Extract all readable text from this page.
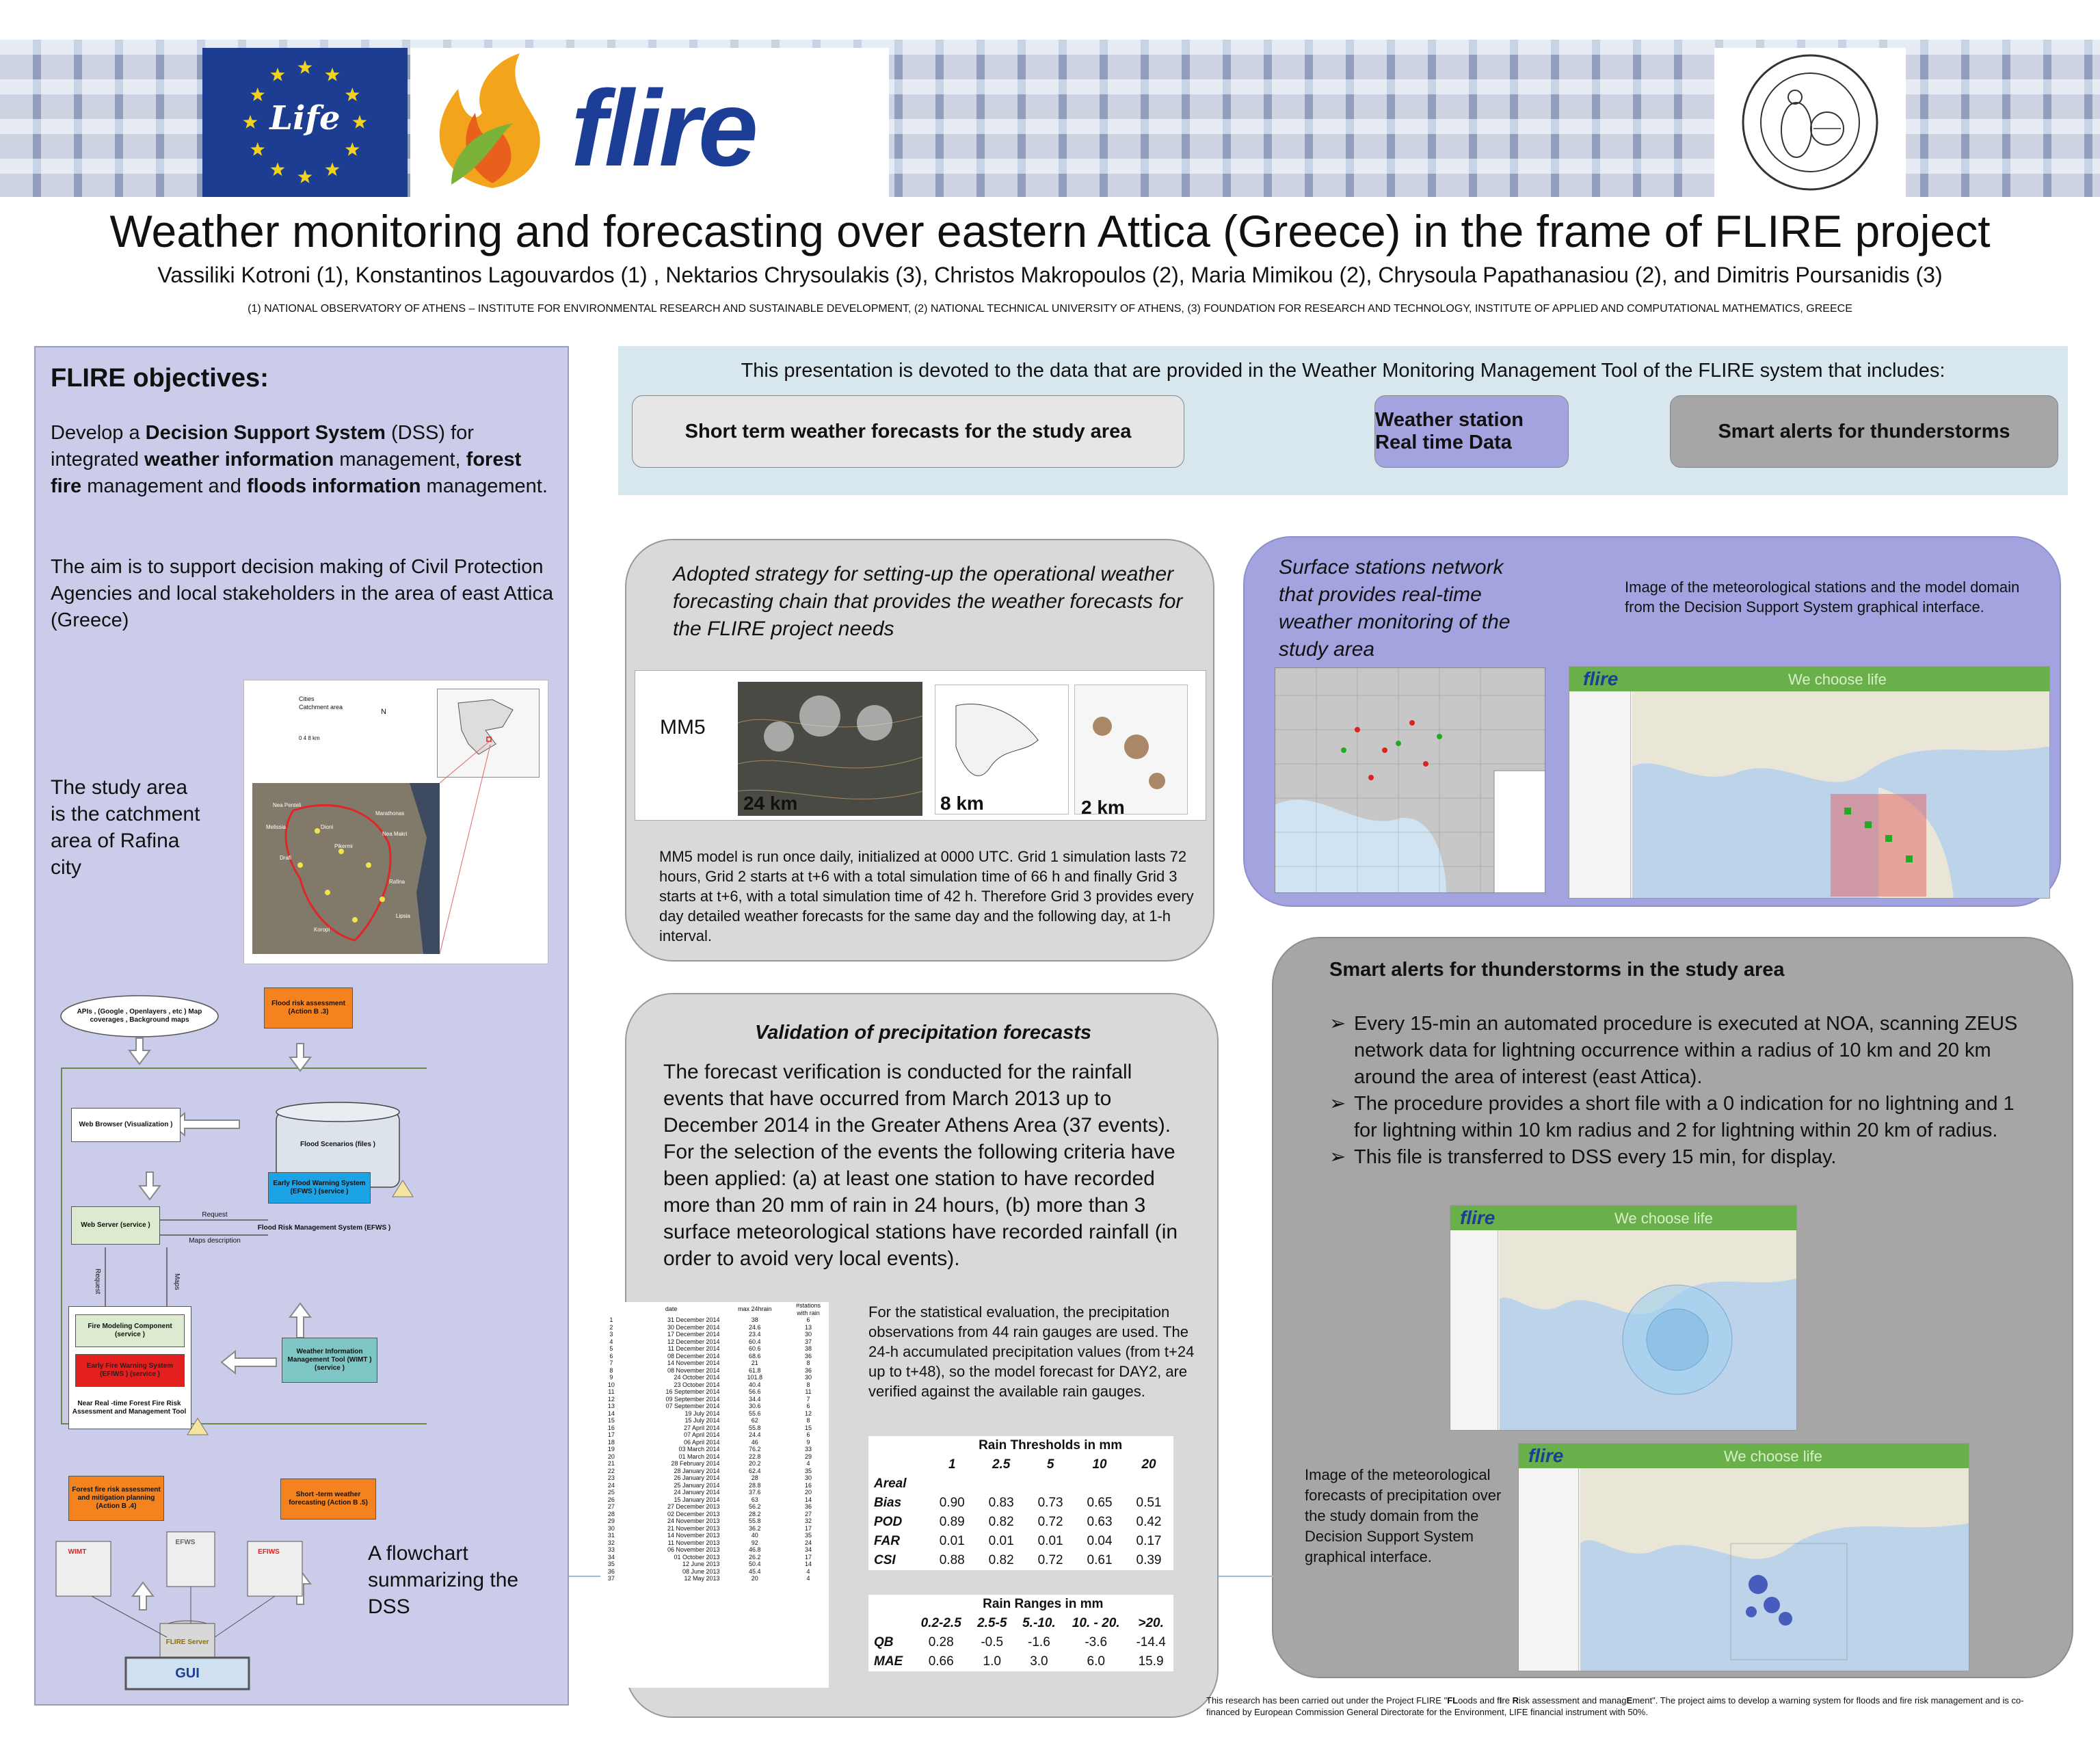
Life flire
Weather monitoring and forecasting over eastern Attica (Greece) in the frame of FLIRE project
Vassiliki Kotroni (1), Konstantinos Lagouvardos (1) , Nektarios Chrysoulakis (3), Christos Makropoulos (2), Maria Mimikou (2), Chrysoula Papathanasiou (2), and Dimitris Poursanidis (3)
(1) NATIONAL OBSERVATORY OF ATHENS – INSTITUTE FOR ENVIRONMENTAL RESEARCH AND SUSTAINABLE DEVELOPMENT, (2) NATIONAL TECHNICAL UNIVERSITY OF ATHENS, (3) FOUNDATION FOR RESEARCH AND TECHNOLOGY, INSTITUTE OF APPLIED AND COMPUTATIONAL MATHEMATICS, GREECE
FLIRE objectives:
Develop a Decision Support System (DSS) for integrated weather information management, forest fire management and floods information management.
The aim is to support decision making of Civil Protection Agencies and local stakeholders in the area of east Attica (Greece)
The study area is the catchment area of Rafina city
Cities
Catchment area
0 4 8 km
N
Nea Penteli
Melissia
Pikermi
Drafi
Dioni
Nea Makri
Marathonas
Rafina
Lipsia
Koropi
A flowchart summarizing the DSS
APIs , (Google , Openlayers , etc ) Map coverages , Background maps
Flood risk assessment (Action B .3)
Web Browser (Visualization )
Flood Scenarios (files )
Early Flood Warning System (EFWS ) (service )
Flood Risk Management System (EFWS )
Web Server (service )
Request
Maps description
Request	Maps
Fire Modeling Component (service )
Early Fire Warning System (EFIWS ) (service )
Near Real -time Forest Fire Risk Assessment and Management Tool
Weather Information Management Tool (WIMT ) (service )
Forest fire risk assessment and mitigation planning (Action B .4)
Short -term weather forecasting (Action B .5)
WIMT
EFWS
EFIWS
FLIRE Server
GUI
This presentation is devoted to the data that are provided in the Weather Monitoring Management Tool of the FLIRE system that includes:
Short term weather forecasts for the study area
Weather station Real time Data
Smart alerts for thunderstorms
Adopted strategy for setting-up the operational weather forecasting chain that provides the weather forecasts for the FLIRE project needs
MM5
24 km	8 km	2 km
MM5 model is run once daily, initialized at 0000 UTC. Grid 1 simulation lasts 72 hours, Grid 2 starts at t+6 with a total simulation time of 66 h and finally Grid 3 starts at t+6, with a total simulation time of 42 h. Therefore Grid 3 provides every day detailed weather forecasts for the same day and the following day, at 1-h interval.
Surface stations network that provides real-time weather monitoring of the study area
Image of the meteorological stations and the model domain from the Decision Support System graphical interface.
flire	We choose life
Validation of precipitation forecasts
The forecast verification is conducted for the rainfall events that have occurred from March 2013 up to December 2014 in the Greater Athens Area (37 events). For the selection of the events the following criteria have been applied: (a) at least one station to have recorded more than 20 mm of rain in 24 hours, (b) more than 3 surface meteorological stations have recorded rainfall (in order to avoid very local events).
	date	max 24hrain	#stations with rain
1	31 December 2014	38	6
2	30 December 2014	24.6	13
3	17 December 2014	23.4	30
4	12 December 2014	60.4	37
5	11 December 2014	60.6	38
6	08 December 2014	68.6	36
7	14 November 2014	21	8
8	08 November 2014	61.8	36
9	24 October 2014	101.8	30
10	23 October 2014	40.4	8
11	16 September 2014	56.6	11
12	09 September 2014	34.4	7
13	07 September 2014	30.6	6
14	19 July 2014	55.6	12
15	15 July 2014	62	8
16	27 April 2014	55.8	15
17	07 April 2014	24.4	6
18	06 April 2014	46	9
19	03 March 2014	76.2	33
20	01 March 2014	22.8	29
21	28 February 2014	20.2	4
22	28 January 2014	62.4	35
23	26 January 2014	28	30
24	25 January 2014	28.8	16
25	24 January 2014	37.6	20
26	15 January 2014	63	14
27	27 December 2013	56.2	36
28	02 December 2013	28.2	27
29	24 November 2013	55.8	32
30	21 November 2013	36.2	17
31	14 November 2013	40	35
32	11 November 2013	92	24
33	06 November 2013	46.8	34
34	01 October 2013	26.2	17
35	12 June 2013	50.4	14
36	08 June 2013	45.4	4
37	12 May 2013	20	4
For the statistical evaluation, the precipitation observations from 44 rain gauges are used. The 24-h accumulated precipitation values (from t+24 up to t+48), so the model forecast for DAY2, are verified against the available rain gauges.
	Rain Thresholds in mm				
	1	2.5	5	10	20
Areal					
Bias	0.90	0.83	0.73	0.65	0.51
POD	0.89	0.82	0.72	0.63	0.42
FAR	0.01	0.01	0.01	0.04	0.17
CSI	0.88	0.82	0.72	0.61	0.39
	Rain Ranges in mm				
	0.2-2.5	2.5-5	5.-10.	10. - 20.	>20.
QB	0.28	-0.5	-1.6	-3.6	-14.4
MAE	0.66	1.0	3.0	6.0	15.9
Smart alerts for thunderstorms in the study area
➢ Every 15-min an automated procedure is executed at NOA, scanning ZEUS network data for lightning occurrence within a radius of 10 km and 20 km around the area of interest (east Attica).
➢ The procedure provides a short file with a 0 indication for no lightning and 1 for lightning within 10 km radius and 2 for lightning within 20 km of radius.
➢ This file is transferred to DSS every 15 min, for display.
flire	We choose life
flire	We choose life
Image of the meteorological forecasts of precipitation over the study domain from the Decision Support System graphical interface.
This research has been carried out under the Project FLIRE "FLoods and fIre Risk assessment and managEment". The project aims to develop a warning system for floods and fire risk management and is co-financed by European Commission General Directorate for the Environment, LIFE financial instrument with 50%.
